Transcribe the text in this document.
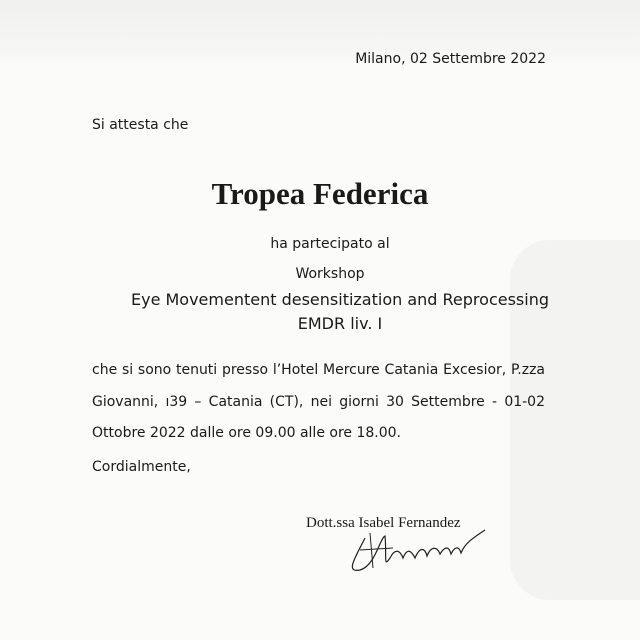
Milano, 02 Settembre 2022
Si attesta che
Tropea Federica
ha partecipato al
Workshop
Eye Movementent desensitization and Reprocessing
EMDR liv. I
che si sono tenuti presso l’Hotel Mercure Catania Excesior, P.zza
Giovanni, ı39 – Catania (CT), nei giorni 30 Settembre - 01-02
Ottobre 2022 dalle ore 09.00 alle ore 18.00.
Cordialmente,
Dott.ssa Isabel Fernandez
